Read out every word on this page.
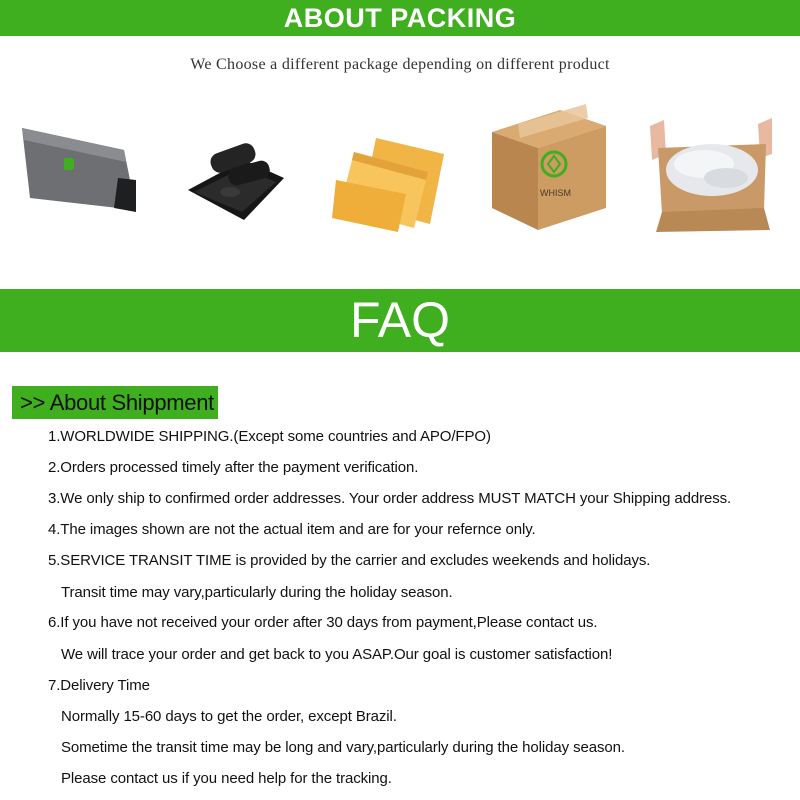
ABOUT PACKING
We Choose a different package depending on different product
WHISM
FAQ
>> About Shippment
1.WORLDWIDE SHIPPING.(Except some countries and APO/FPO)
2.Orders processed timely after the payment verification.
3.We only ship to confirmed order addresses. Your order address MUST MATCH your Shipping address.
4.The images shown are not the actual item and are for your refernce only.
5.SERVICE TRANSIT TIME is provided by the carrier and excludes weekends and holidays.
Transit time may vary,particularly during the holiday season.
6.If you have not received your order after 30 days from payment,Please contact us.
We will trace your order and get back to you ASAP.Our goal is customer satisfaction!
7.Delivery Time
Normally 15-60 days to get the order, except Brazil.
Sometime the transit time may be long and vary,particularly during the holiday season.
Please contact us if you need help for the tracking.
